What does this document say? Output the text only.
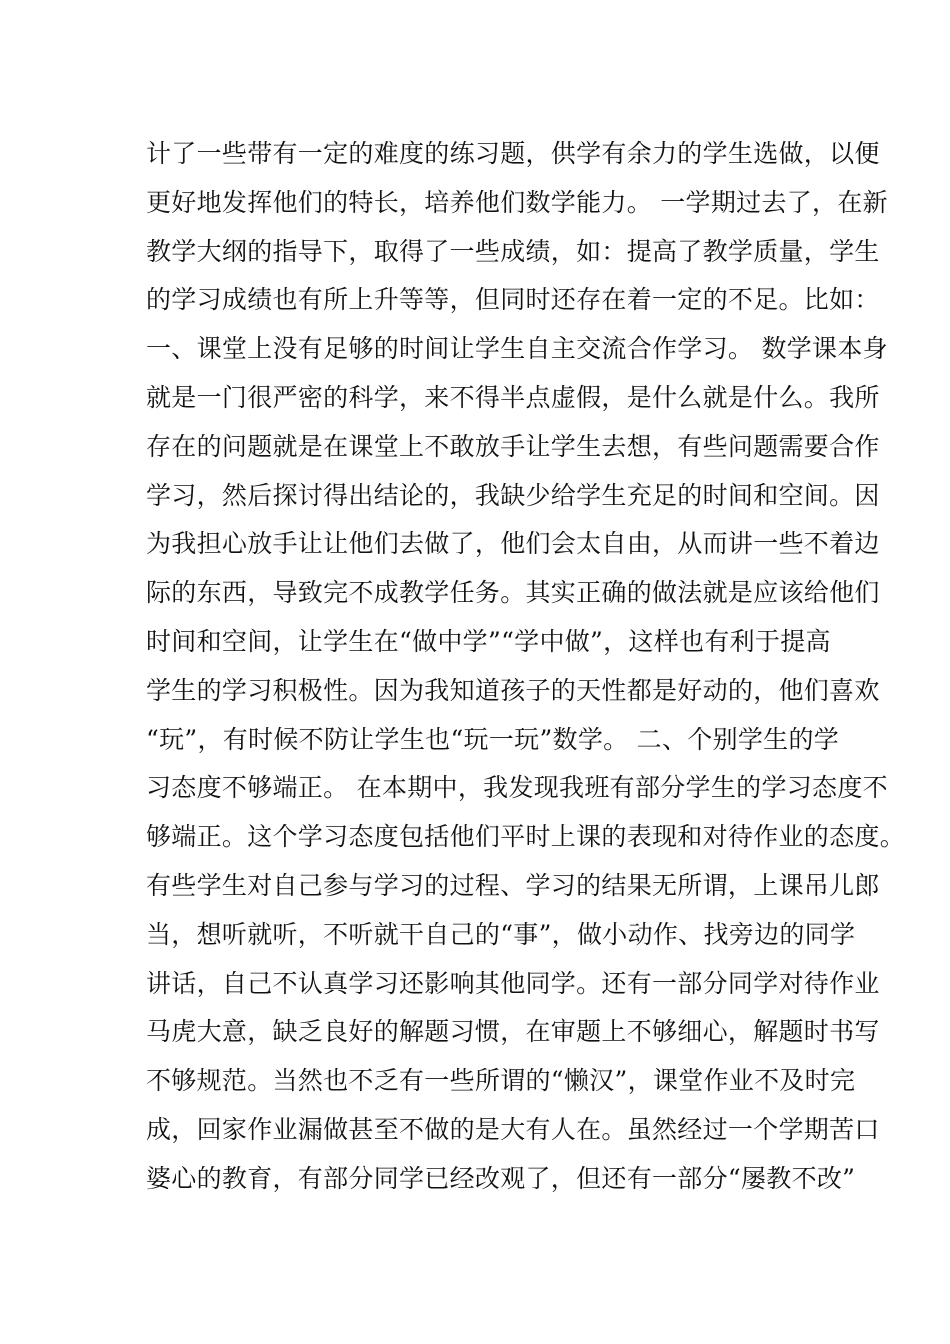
计了一些带有一定的难度的练习题，供学有余力的学生选做，以便
更好地发挥他们的特长，培养他们数学能力。 一学期过去了，在新
教学大纲的指导下，取得了一些成绩，如：提高了教学质量，学生
的学习成绩也有所上升等等，但同时还存在着一定的不足。比如：
一、课堂上没有足够的时间让学生自主交流合作学习。 数学课本身
就是一门很严密的科学，来不得半点虚假，是什么就是什么。我所
存在的问题就是在课堂上不敢放手让学生去想，有些问题需要合作
学习，然后探讨得出结论的，我缺少给学生充足的时间和空间。因
为我担心放手让让他们去做了，他们会太自由，从而讲一些不着边
际的东西，导致完不成教学任务。其实正确的做法就是应该给他们
时间和空间，让学生在“做中学”“学中做”，这样也有利于提高
学生的学习积极性。因为我知道孩子的天性都是好动的，他们喜欢
“玩”，有时候不防让学生也“玩一玩”数学。 二、个别学生的学
习态度不够端正。 在本期中，我发现我班有部分学生的学习态度不
够端正。这个学习态度包括他们平时上课的表现和对待作业的态度。
有些学生对自己参与学习的过程、学习的结果无所谓，上课吊儿郎
当，想听就听，不听就干自己的“事”，做小动作、找旁边的同学
讲话，自己不认真学习还影响其他同学。还有一部分同学对待作业
马虎大意，缺乏良好的解题习惯，在审题上不够细心，解题时书写
不够规范。当然也不乏有一些所谓的“懒汉”，课堂作业不及时完
成，回家作业漏做甚至不做的是大有人在。虽然经过一个学期苦口
婆心的教育，有部分同学已经改观了，但还有一部分“屡教不改”
